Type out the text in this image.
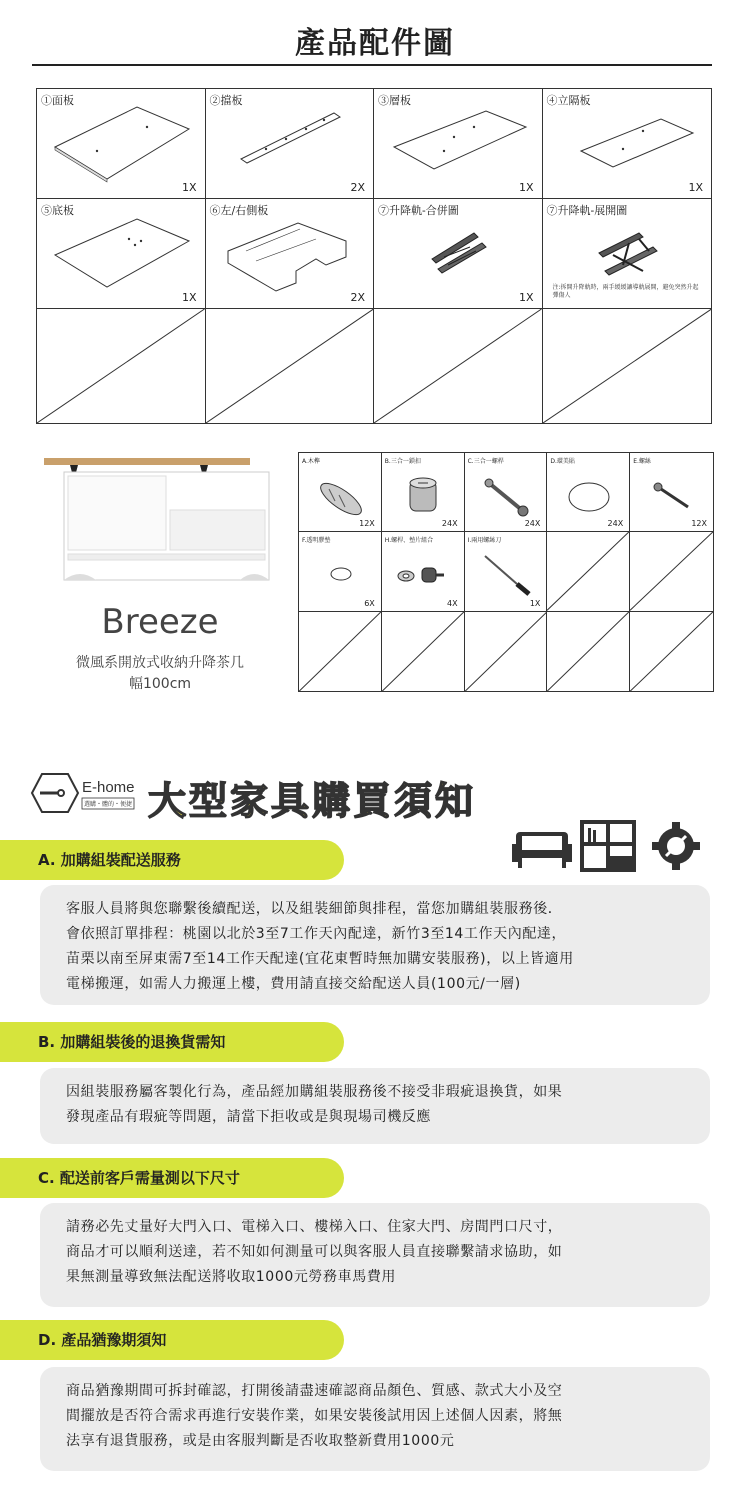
產品配件圖
①面板
1X
②擋板
2X
③層板
1X
④立隔板
1X
⑤底板
1X
⑥左/右側板
2X
⑦升降軌-合併圖
1X
⑦升降軌-展開圖
注:拆開升降軌時，兩手緩緩讓導軌展開，避免突然升起彈傷人
Breeze
微風系開放式收納升降茶几
幅100cm
A.木榫
12X
B.三合一鎖扣
24X
C.三合一螺桿
24X
D.環美貼
24X
E.螺絲
12X
F.透明膠墊
6X
H.螺桿、墊片組合
4X
I.兩用螺絲刀
1X
E-home
選購・體的・便捷 大型家具購買須知
A. 加購組裝配送服務
客服人員將與您聯繫後續配送，以及組裝細節與排程，當您加購組裝服務後．
會依照訂單排程：桃園以北於3至7工作天內配達，新竹3至14工作天內配達，
苗栗以南至屏東需7至14工作天配達(宜花東暫時無加購安裝服務)，以上皆適用
電梯搬運，如需人力搬運上樓，費用請直接交給配送人員(100元/一層)
B. 加購組裝後的退換貨需知
因組裝服務屬客製化行為，產品經加購組裝服務後不接受非瑕疵退換貨，如果
發現產品有瑕疵等問題，請當下拒收或是與現場司機反應
C. 配送前客戶需量測以下尺寸
請務必先丈量好大門入口、電梯入口、樓梯入口、住家大門、房間門口尺寸，
商品才可以順利送達，若不知如何測量可以與客服人員直接聯繫請求協助，如
果無測量導致無法配送將收取1000元勞務車馬費用
D. 產品猶豫期須知
商品猶豫期間可拆封確認，打開後請盡速確認商品顏色、質感、款式大小及空
間擺放是否符合需求再進行安裝作業，如果安裝後試用因上述個人因素，將無
法享有退貨服務，或是由客服判斷是否收取整新費用1000元
